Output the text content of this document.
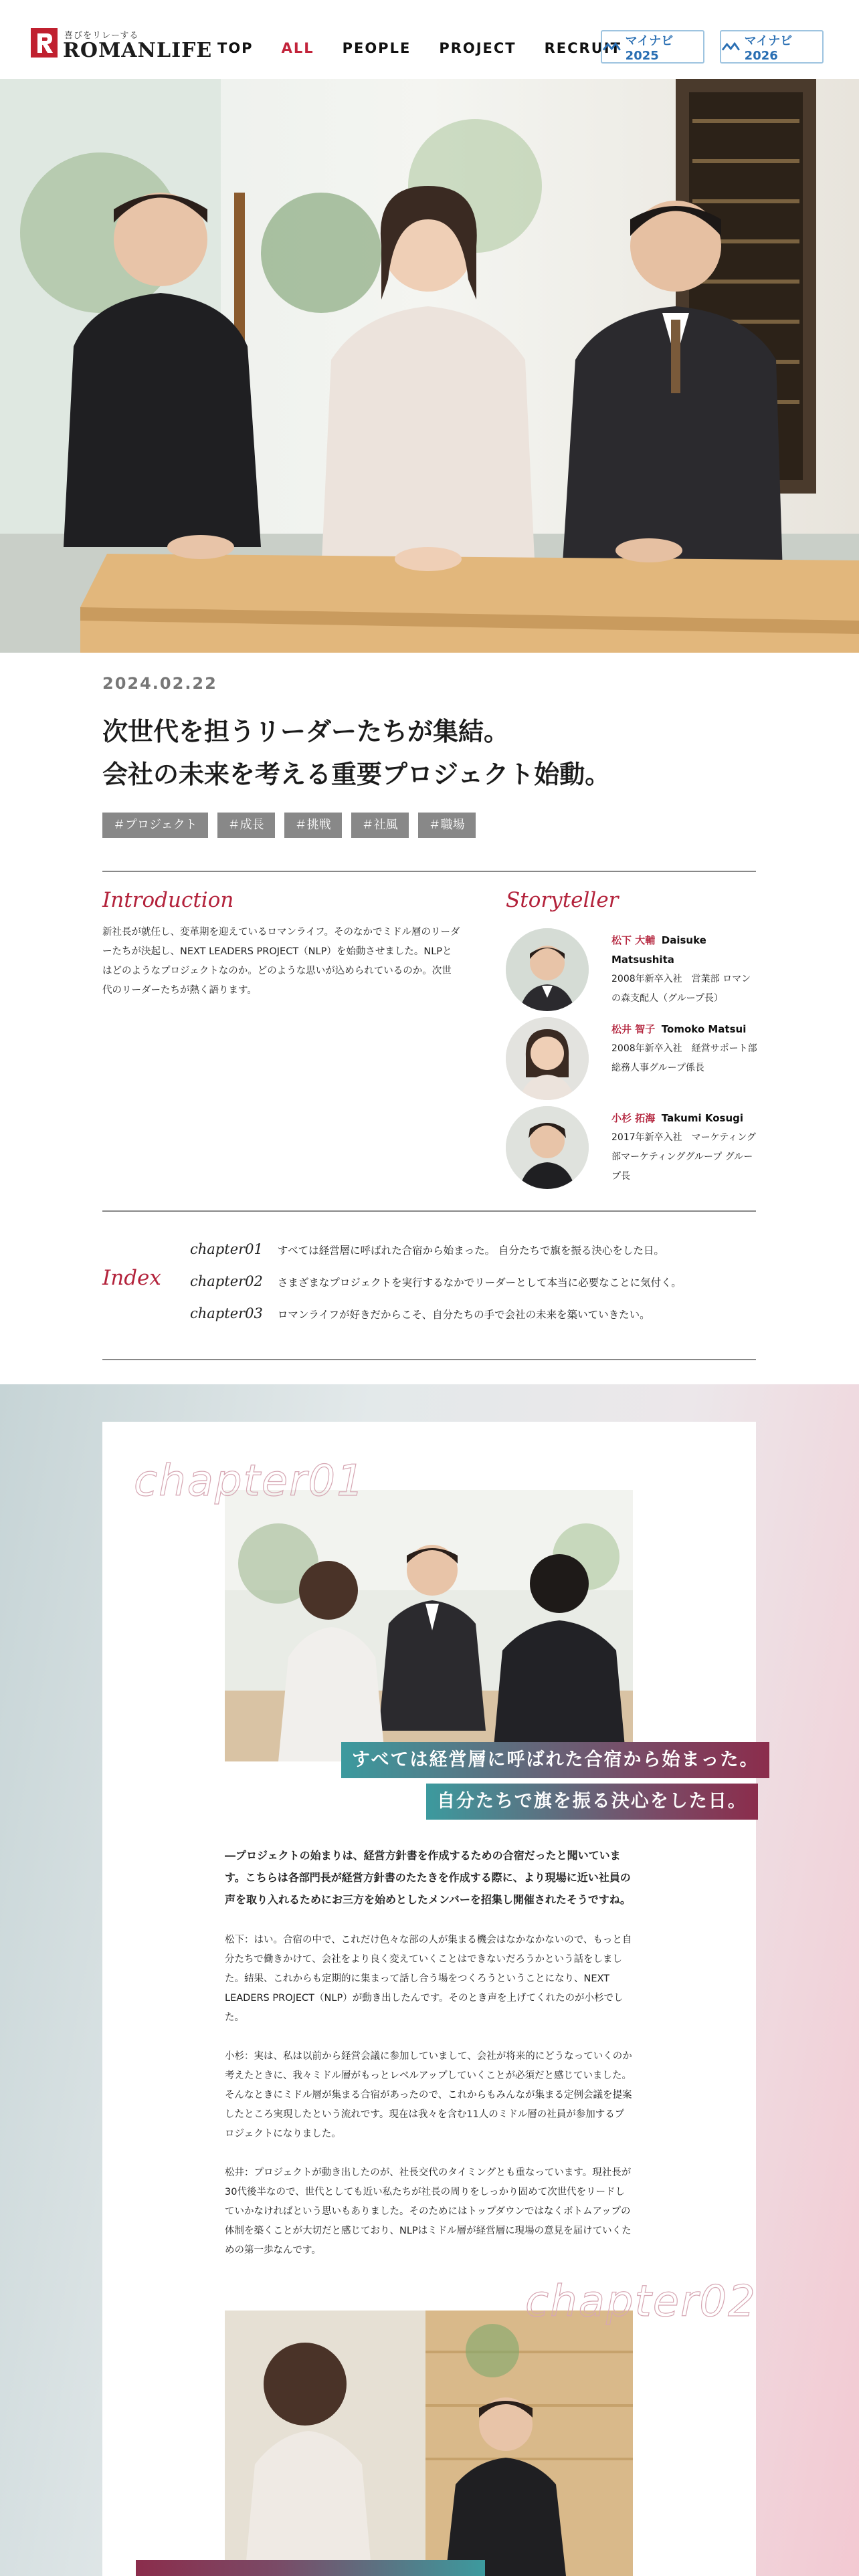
喜びをリレーする
ROMANLIFE TOP ALL PEOPLE PROJECT RECRUIT マイナビ2025
マイナビ2026
2024.02.22
次世代を担うリーダーたちが集結。
会社の未来を考える重要プロジェクト始動。
＃プロジェクト	＃成長	＃挑戦	＃社風	＃職場
Introduction
新社長が就任し、変革期を迎えているロマンライフ。そのなかでミドル層のリーダーたちが決起し、NEXT LEADERS PROJECT（NLP）を始動させました。NLPとはどのようなプロジェクトなのか。どのような思いが込められているのか。次世代のリーダーたちが熱く語ります。
Storyteller
松下 大輔 Daisuke Matsushita
2008年新卒入社　営業部 ロマンの森支配人（グループ長）
松井 智子 Tomoko Matsui
2008年新卒入社　経営サポート部　総務人事グループ係長
小杉 拓海 Takumi Kosugi
2017年新卒入社　マーケティング部マーケティンググループ グループ長
Index
chapter01 すべては経営層に呼ばれた合宿から始まった。 自分たちで旗を振る決心をした日。
chapter02 さまざまなプロジェクトを実行するなかでリーダーとして本当に必要なことに気付く。
chapter03 ロマンライフが好きだからこそ、自分たちの手で会社の未来を築いていきたい。
chapter01
すべては経営層に呼ばれた合宿から始まった。
自分たちで旗を振る決心をした日。

―プロジェクトの始まりは、経営方針書を作成するための合宿だったと聞いています。こちらは各部門長が経営方針書のたたきを作成する際に、より現場に近い社員の声を取り入れるためにお三方を始めとしたメンバーを招集し開催されたそうですね。

松下：はい。合宿の中で、これだけ色々な部の人が集まる機会はなかなかないので、もっと自分たちで働きかけて、会社をより良く変えていくことはできないだろうかという話をしました。結果、これからも定期的に集まって話し合う場をつくろうということになり、NEXT LEADERS PROJECT（NLP）が動き出したんです。そのとき声を上げてくれたのが小杉でした。

小杉：実は、私は以前から経営会議に参加していまして、会社が将来的にどうなっていくのか考えたときに、我々ミドル層がもっとレベルアップしていくことが必須だと感じていました。そんなときにミドル層が集まる合宿があったので、これからもみんなが集まる定例会議を提案したところ実現したという流れです。現在は我々を含む11人のミドル層の社員が参加するプロジェクトになりました。

松井：プロジェクトが動き出したのが、社長交代のタイミングとも重なっています。現社長が30代後半なので、世代としても近い私たちが社長の周りをしっかり固めて次世代をリードしていかなければという思いもありました。そのためにはトップダウンではなくボトムアップの体制を築くことが大切だと感じており、NLPはミドル層が経営層に現場の意見を届けていくための第一歩なんです。

chapter02
